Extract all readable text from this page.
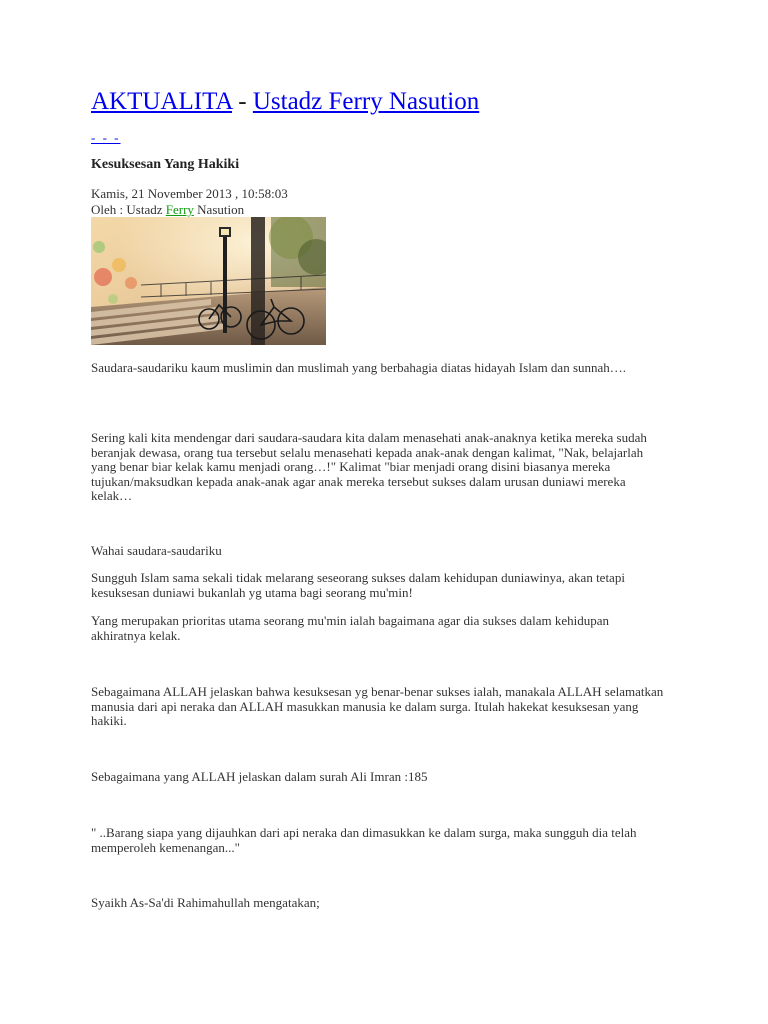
AKTUALITA - Ustadz Ferry Nasution
- - -
Kesuksesan Yang Hakiki
Kamis, 21 November 2013 , 10:58:03
Oleh : Ustadz Ferry Nasution

Saudara-saudariku kaum muslimin dan muslimah yang berbahagia diatas hidayah Islam dan sunnah….

Sering kali kita mendengar dari saudara-saudara kita dalam menasehati anak-anaknya ketika mereka sudah beranjak dewasa, orang tua tersebut selalu menasehati kepada anak-anak dengan kalimat, "Nak, belajarlah yang benar biar kelak kamu menjadi orang…!" Kalimat "biar menjadi orang disini biasanya mereka tujukan/maksudkan kepada anak-anak agar anak mereka tersebut sukses dalam urusan duniawi mereka kelak…

Wahai saudara-saudariku

Sungguh Islam sama sekali tidak melarang seseorang sukses dalam kehidupan duniawinya, akan tetapi kesuksesan duniawi bukanlah yg utama bagi seorang mu'min!

Yang merupakan prioritas utama seorang mu'min ialah bagaimana agar dia sukses dalam kehidupan akhiratnya kelak.

Sebagaimana ALLAH jelaskan bahwa kesuksesan yg benar-benar sukses ialah, manakala ALLAH selamatkan manusia dari api neraka dan ALLAH masukkan manusia ke dalam surga. Itulah hakekat kesuksesan yang hakiki.

Sebagaimana yang ALLAH jelaskan dalam surah Ali Imran :185

" ..Barang siapa yang dijauhkan dari api neraka dan dimasukkan ke dalam surga, maka sungguh dia telah memperoleh kemenangan..."

Syaikh As-Sa'di Rahimahullah mengatakan;
